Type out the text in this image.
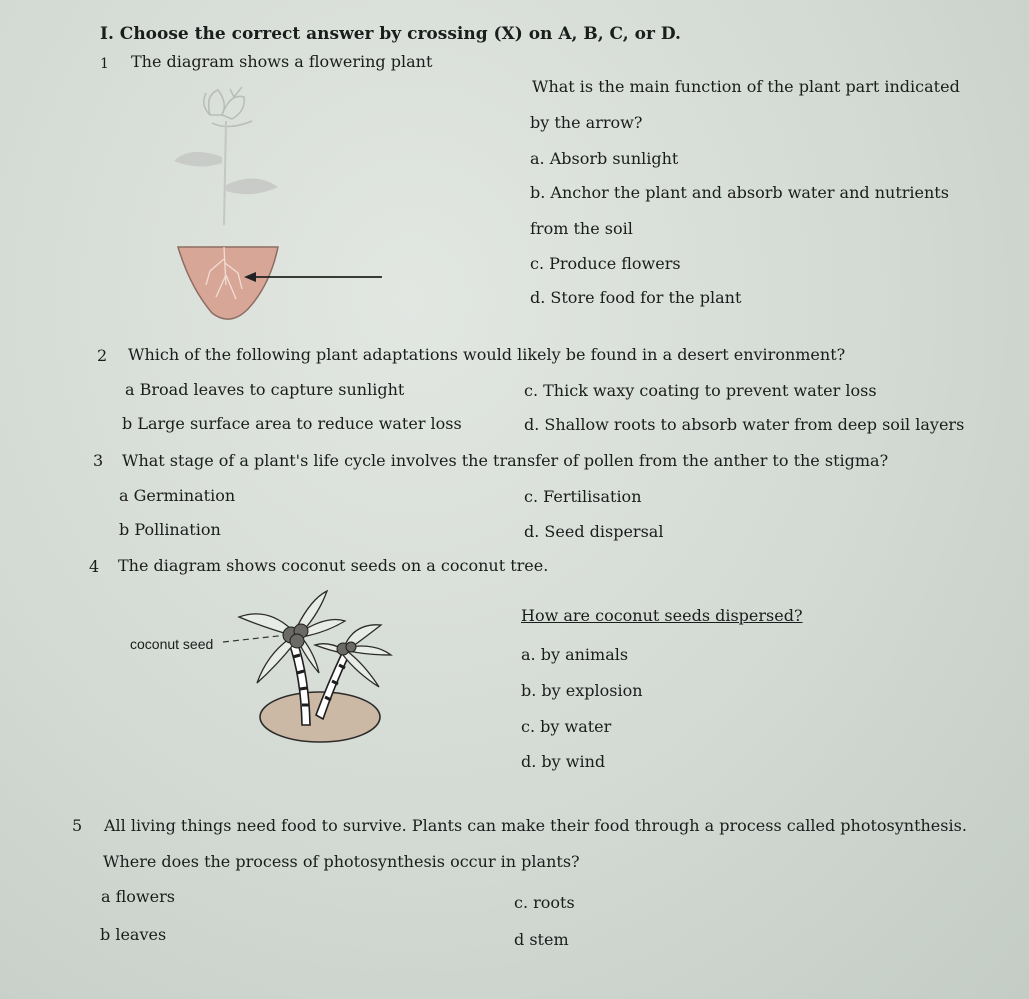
I. Choose the correct answer by crossing (X) on A, B, C, or D.
1 The diagram shows a flowering plant
What is the main function of the plant part indicated
by the arrow?
a. Absorb sunlight
b. Anchor the plant and absorb water and nutrients
from the soil
c. Produce flowers
d. Store food for the plant
2 Which of the following plant adaptations would likely be found in a desert environment?
a Broad leaves to capture sunlight
b Large surface area to reduce water loss
c. Thick waxy coating to prevent water loss
d. Shallow roots to absorb water from deep soil layers
3 What stage of a plant's life cycle involves the transfer of pollen from the anther to the stigma?
a Germination
b Pollination
c. Fertilisation
d. Seed dispersal
4 The diagram shows coconut seeds on a coconut tree.
coconut seed
How are coconut seeds dispersed?
a. by animals
b. by explosion
c. by water
d. by wind
5 All living things need food to survive. Plants can make their food through a process called photosynthesis.
Where does the process of photosynthesis occur in plants?
a flowers
b leaves
c. roots
d stem
